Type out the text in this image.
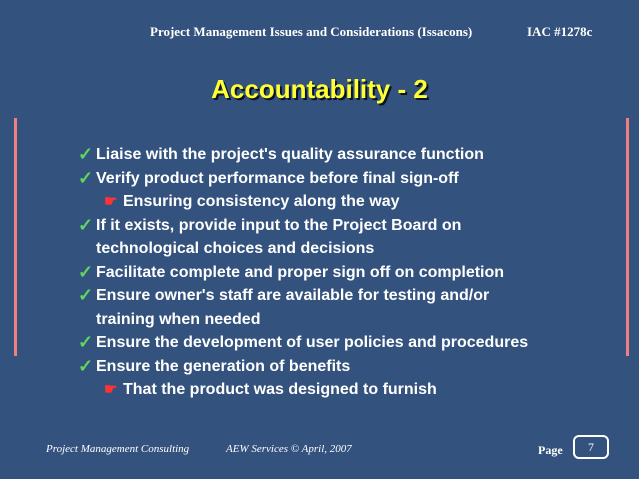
Project Management Issues and Considerations (Issacons)	IAC #1278c
Accountability - 2
✓ Liaise with the project's quality assurance function
✓ Verify product performance before final sign-off
☛ Ensuring consistency along the way
✓ If it exists, provide input to the Project Board on
technological choices and decisions
✓ Facilitate complete and proper sign off on completion
✓ Ensure owner's staff are available for testing and/or
training when needed
✓ Ensure the development of user policies and procedures
✓ Ensure the generation of benefits
☛ That the product was designed to furnish
Project Management Consulting	AEW Services © April, 2007	Page	7
